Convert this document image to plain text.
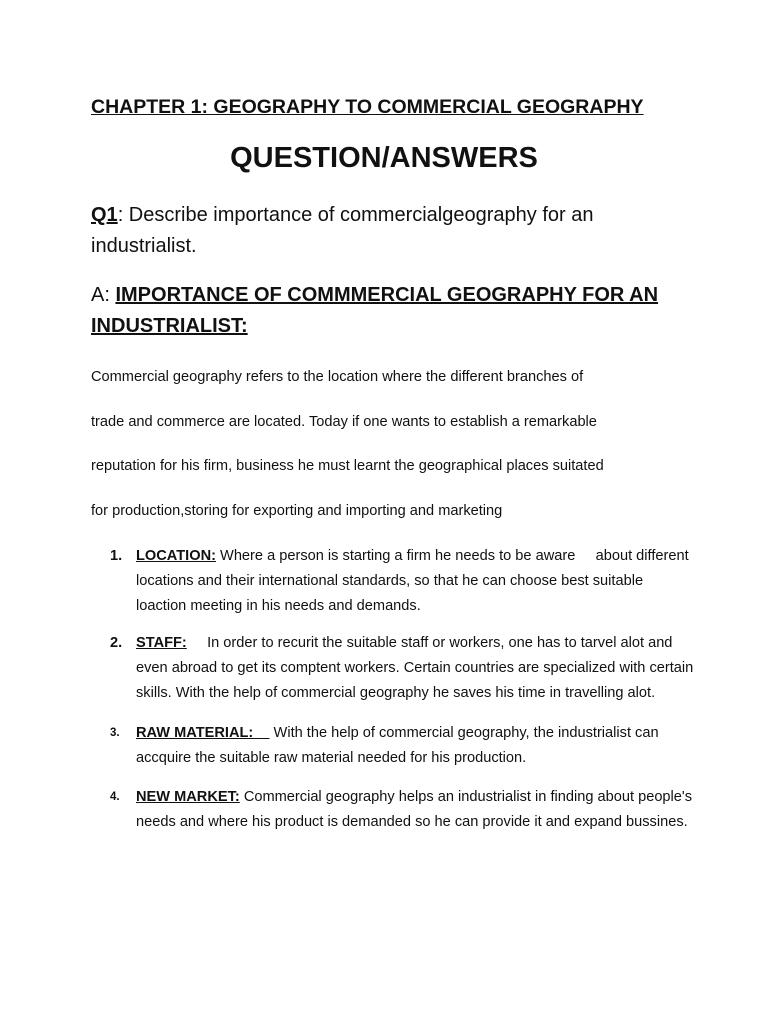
CHAPTER 1: GEOGRAPHY TO COMMERCIAL GEOGRAPHY
QUESTION/ANSWERS
Q1: Describe importance of commercialgeography for an industrialist.
A: IMPORTANCE OF COMMMERCIAL GEOGRAPHY FOR AN INDUSTRIALIST:
Commercial geography refers to the location where the different branches of
trade and commerce are located. Today if one wants to establish a remarkable
reputation for his firm, business he must learnt the geographical places suitated
for production,storing for exporting and importing and marketing
1. LOCATION: Where a person is starting a firm he needs to be aware     about different locations and their international standards, so that he can choose best suitable loaction meeting in his needs and demands.
2. STAFF:     In order to recurit the suitable staff or workers, one has to tarvel alot and even abroad to get its comptent workers. Certain countries are specialized with certain skills. With the help of commercial geography he saves his time in travelling alot.
3. RAW MATERIAL:     With the help of commercial geography, the industrialist can accquire the suitable raw material needed for his production.
4. NEW MARKET: Commercial geography helps an industrialist in finding about people's needs and where his product is demanded so he can provide it and expand bussines.
